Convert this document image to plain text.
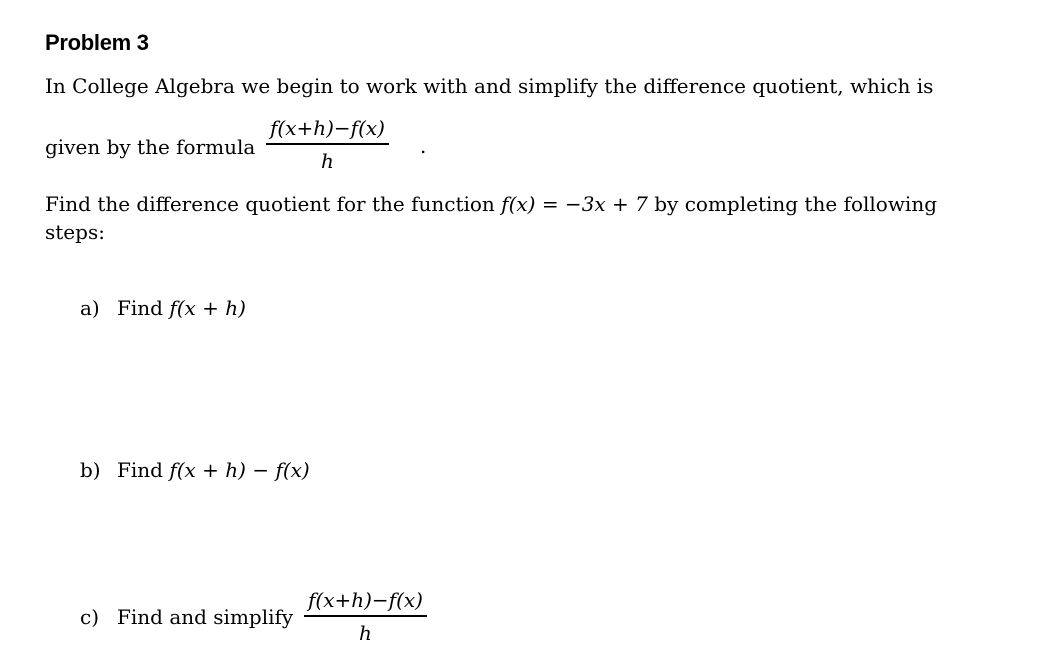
Problem 3
In College Algebra we begin to work with and simplify the difference quotient, which is
given by the formula $\frac{f(x+h)-f(x)}{h}$ .
Find the difference quotient for the function f(x) = −3x + 7 by completing the following
steps:
a) Find f(x + h)
b) Find f(x + h) − f(x)
c) Find and simplify $\frac{f(x+h)-f(x)}{h}$
